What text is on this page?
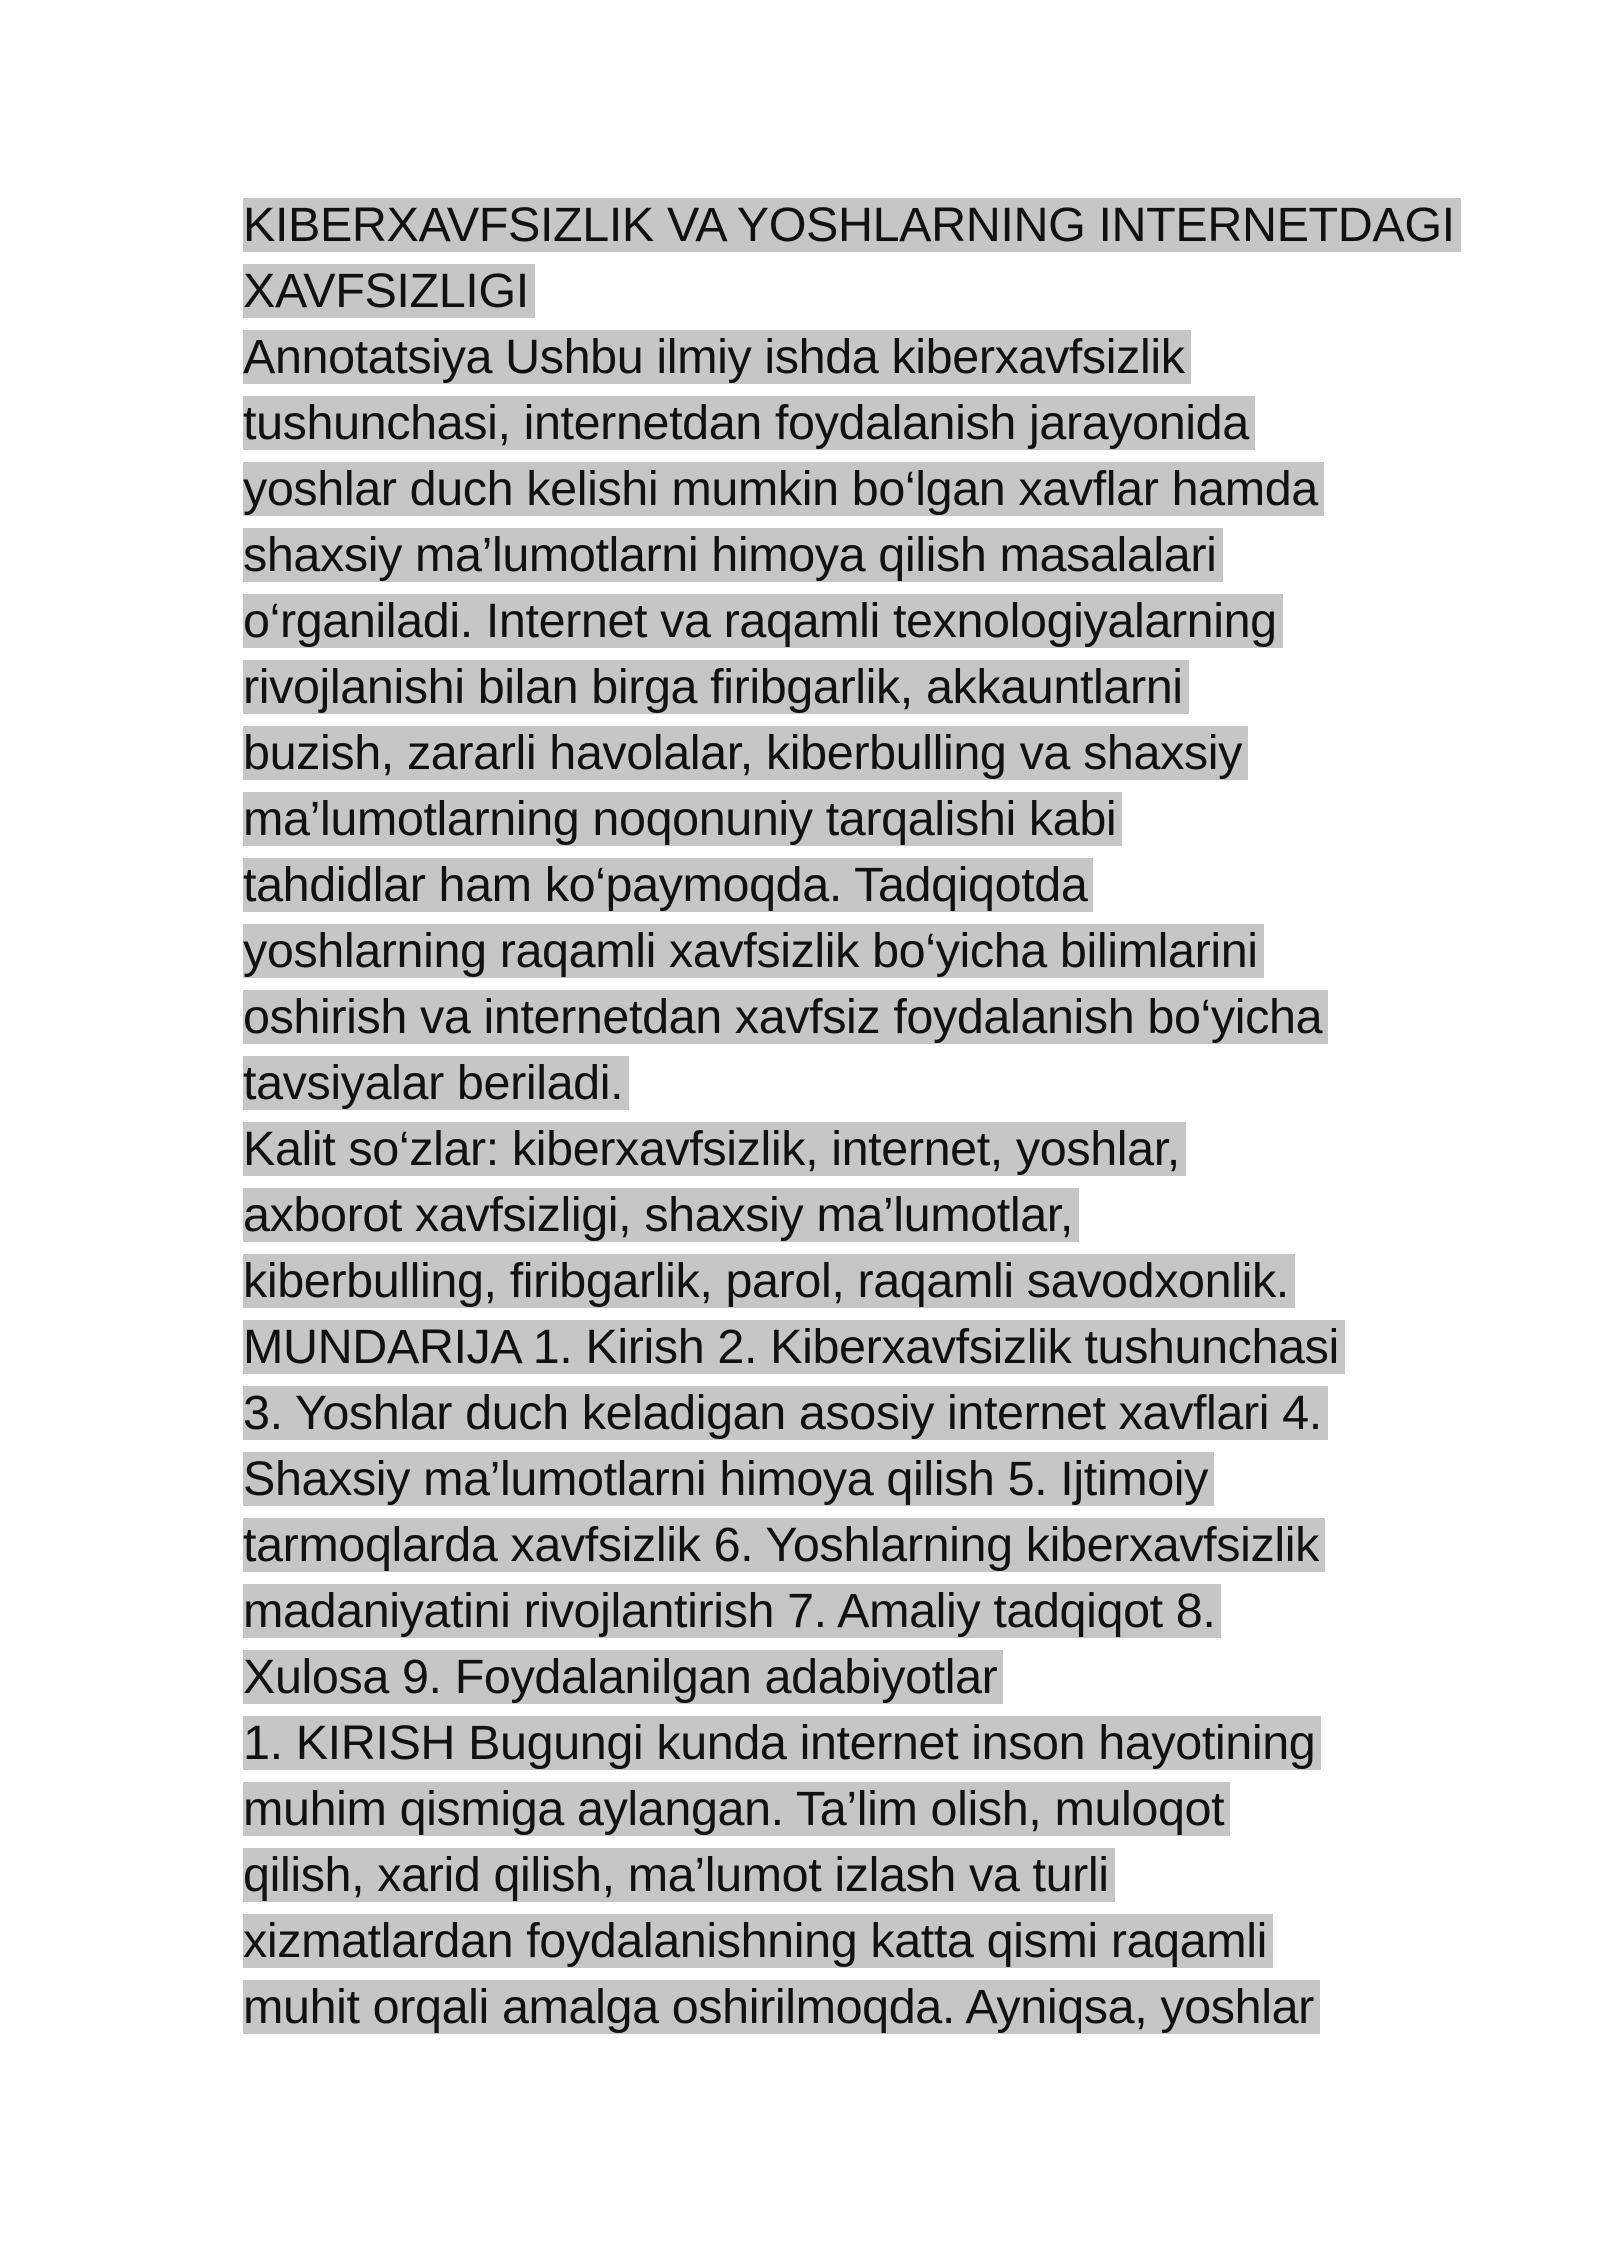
KIBERXAVFSIZLIK VA YOSHLARNING INTERNETDAGI
XAVFSIZLIGI
Annotatsiya Ushbu ilmiy ishda kiberxavfsizlik
tushunchasi, internetdan foydalanish jarayonida
yoshlar duch kelishi mumkin bo‘lgan xavflar hamda
shaxsiy ma’lumotlarni himoya qilish masalalari
o‘rganiladi. Internet va raqamli texnologiyalarning
rivojlanishi bilan birga firibgarlik, akkauntlarni
buzish, zararli havolalar, kiberbulling va shaxsiy
ma’lumotlarning noqonuniy tarqalishi kabi
tahdidlar ham ko‘paymoqda. Tadqiqotda
yoshlarning raqamli xavfsizlik bo‘yicha bilimlarini
oshirish va internetdan xavfsiz foydalanish bo‘yicha
tavsiyalar beriladi.
Kalit so‘zlar: kiberxavfsizlik, internet, yoshlar,
axborot xavfsizligi, shaxsiy ma’lumotlar,
kiberbulling, firibgarlik, parol, raqamli savodxonlik.
MUNDARIJA 1. Kirish 2. Kiberxavfsizlik tushunchasi
3. Yoshlar duch keladigan asosiy internet xavflari 4.
Shaxsiy ma’lumotlarni himoya qilish 5. Ijtimoiy
tarmoqlarda xavfsizlik 6. Yoshlarning kiberxavfsizlik
madaniyatini rivojlantirish 7. Amaliy tadqiqot 8.
Xulosa 9. Foydalanilgan adabiyotlar
1. KIRISH Bugungi kunda internet inson hayotining
muhim qismiga aylangan. Ta’lim olish, muloqot
qilish, xarid qilish, ma’lumot izlash va turli
xizmatlardan foydalanishning katta qismi raqamli
muhit orqali amalga oshirilmoqda. Ayniqsa, yoshlar
